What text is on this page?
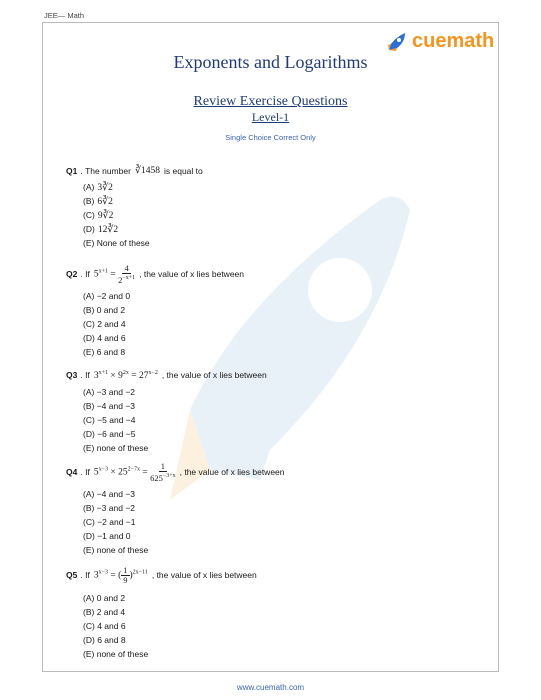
JEE— Math
cuemath
Exponents and Logarithms
Review Exercise Questions
Level-1
Single Choice Correct Only
Q1 .
The number ∛1458 is equal to
(A) 3∛2
(B) 6∛2
(C) 9∛2
(D) 12∛2
(E) None of these
Q2 .
If $5^{x+1} = \frac{4}{2^{-x+1}}$ , the value of x lies between
(A) −2 and 0
(B) 0 and 2
(C) 2 and 4
(D) 4 and 6
(E) 6 and 8
Q3 .
If $3^{x+1} \times 9^{2x} = 27^{x-2}$ , the value of x lies between
(A) −3 and −2
(B) −4 and −3
(C) −5 and −4
(D) −6 and −5
(E) none of these
Q4 .
If $5^{x-3} \times 25^{2-7x} = \frac{1}{625^{-3+x}}$ , the value of x lies between
(A) −4 and −3
(B) −3 and −2
(C) −2 and −1
(D) −1 and 0
(E) none of these
Q5 .
If $3^{x-3}$ = ( $\frac{1}{9} )^{2x-11}$ , the value of x lies between
(A) 0 and 2
(B) 2 and 4
(C) 4 and 6
(D) 6 and 8
(E) none of these
www.cuemath.com
